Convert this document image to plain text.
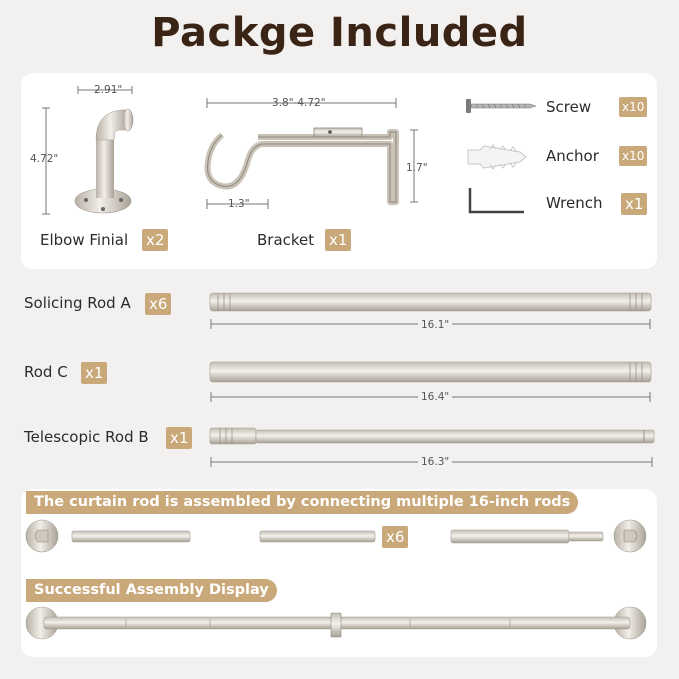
Packge Included
2.91"
4.72"
Elbow Finial x2
3.8"-4.72"
1.7"
1.3"
Bracket x1
Screw	x10
Anchor x10
Wrench x1
Solicing Rod A x6
Rod C x1
Telescopic Rod B x1
16.1"
16.4"
16.3"
The curtain rod is assembled by connecting multiple 16-inch rods
Successful Assembly Display
x6
